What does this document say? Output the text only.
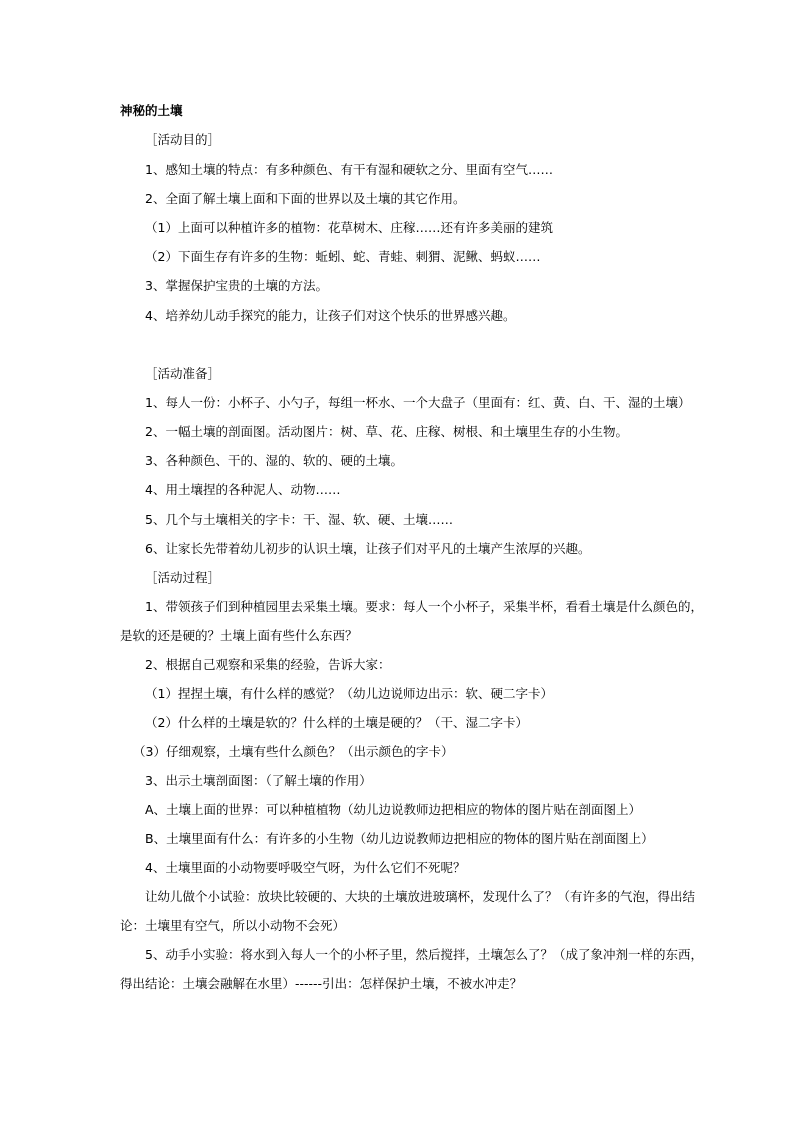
神秘的土壤
［活动目的］
1、感知土壤的特点：有多种颜色、有干有湿和硬软之分、里面有空气……
2、全面了解土壤上面和下面的世界以及土壤的其它作用。
（1）上面可以种植许多的植物：花草树木、庄稼……还有许多美丽的建筑
（2）下面生存有许多的生物：蚯蚓、蛇、青蛙、刺猬、泥鳅、蚂蚁……
3、掌握保护宝贵的土壤的方法。
4、培养幼儿动手探究的能力，让孩子们对这个快乐的世界感兴趣。
［活动准备］
1、每人一份：小杯子、小勺子，每组一杯水、一个大盘子（里面有：红、黄、白、干、湿的土壤）
2、一幅土壤的剖面图。活动图片：树、草、花、庄稼、树根、和土壤里生存的小生物。
3、各种颜色、干的、湿的、软的、硬的土壤。
4、用土壤捏的各种泥人、动物……
5、几个与土壤相关的字卡：干、湿、软、硬、土壤……
6、让家长先带着幼儿初步的认识土壤，让孩子们对平凡的土壤产生浓厚的兴趣。
［活动过程］
1、带领孩子们到种植园里去采集土壤。要求：每人一个小杯子，采集半杯，看看土壤是什么颜色的，
是软的还是硬的？土壤上面有些什么东西？
2、根据自己观察和采集的经验，告诉大家：
（1）捏捏土壤，有什么样的感觉？（幼儿边说师边出示：软、硬二字卡）
（2）什么样的土壤是软的？什么样的土壤是硬的？（干、湿二字卡）
（3）仔细观察，土壤有些什么颜色？（出示颜色的字卡）
3、出示土壤剖面图：（了解土壤的作用）
A、土壤上面的世界：可以种植植物（幼儿边说教师边把相应的物体的图片贴在剖面图上）
B、土壤里面有什么：有许多的小生物（幼儿边说教师边把相应的物体的图片贴在剖面图上）
4、土壤里面的小动物要呼吸空气呀，为什么它们不死呢？
让幼儿做个小试验：放块比较硬的、大块的土壤放进玻璃杯，发现什么了？（有许多的气泡，得出结
论：土壤里有空气，所以小动物不会死）
5、动手小实验：将水到入每人一个的小杯子里，然后搅拌，土壤怎么了？（成了象冲剂一样的东西，
得出结论：土壤会融解在水里）------引出：怎样保护土壤，不被水冲走？
